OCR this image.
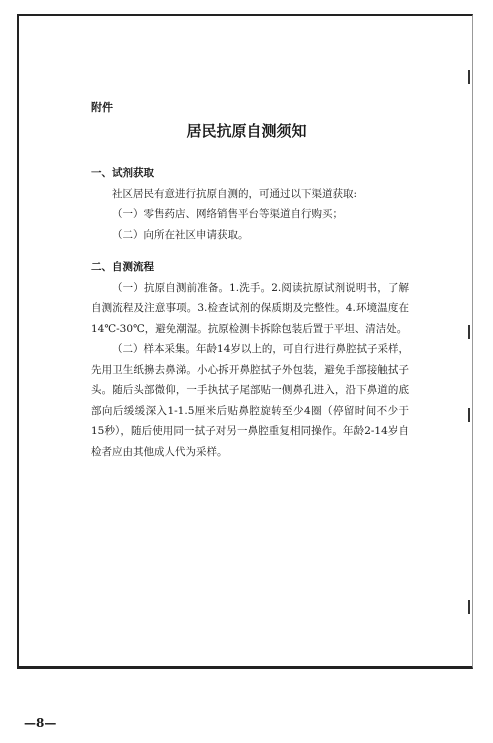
附件
居民抗原自测须知
一、试剂获取
社区居民有意进行抗原自测的，可通过以下渠道获取:
（一）零售药店、网络销售平台等渠道自行购买；
（二）向所在社区申请获取。
二、自测流程
（一）抗原自测前准备。1.洗手。2.阅读抗原试剂说明书，了解自测流程及注意事项。3.检查试剂的保质期及完整性。4.环境温度在14℃-30℃，避免潮湿。抗原检测卡拆除包装后置于平坦、清洁处。
（二）样本采集。年龄14岁以上的，可自行进行鼻腔拭子采样，先用卫生纸擤去鼻涕。小心拆开鼻腔拭子外包装，避免手部接触拭子头。随后头部微仰，一手执拭子尾部贴一侧鼻孔进入，沿下鼻道的底部向后缓缓深入1-1.5厘米后贴鼻腔旋转至少4圈（停留时间不少于15秒），随后使用同一拭子对另一鼻腔重复相同操作。年龄2-14岁自检者应由其他成人代为采样。
—8—
